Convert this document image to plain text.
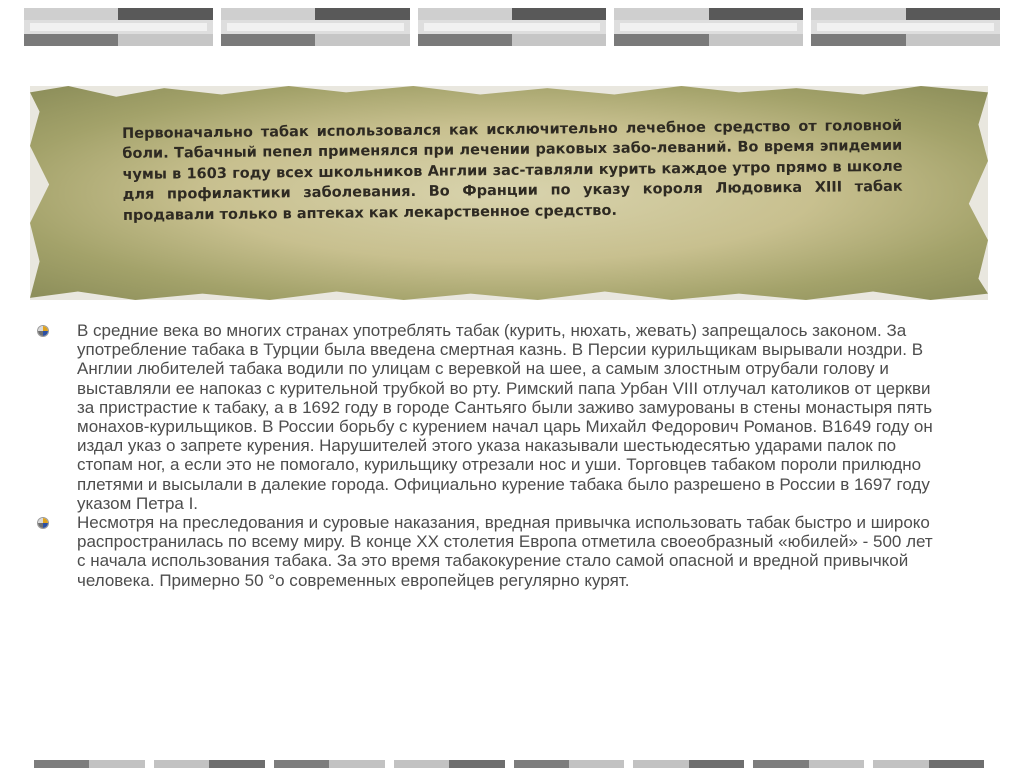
Первоначально табак использовался как исключительно лечебное средство от головной боли. Табачный пепел применялся при лечении раковых забо-леваний. Во время эпидемии чумы в 1603 году всех школьников Англии зас-тавляли курить каждое утро прямо в школе для профилактики заболевания. Во Франции по указу короля Людовика XIII табак продавали только в аптеках как лекарственное средство.

В средние века во многих странах употреблять табак (курить, нюхать, жевать) запрещалось законом. За употребление табака в Турции была введена смертная казнь. В Персии курильщикам вырывали ноздри. В Англии любителей табака водили по улицам с веревкой на шее, а самым злостным отрубали голову и выставляли ее напоказ с курительной трубкой во рту. Римский папа Урбан VIII отлучал католиков от церкви за пристрастие к табаку, а в 1692 году в городе Сантьяго были заживо замурованы в стены монастыря пять монахов-курильщиков. В России борьбу с курением начал царь Михайл Федорович Романов. В1649 году он издал указ о запрете курения. Нарушителей этого указа наказывали шестьюдесятью ударами палок по стопам ног, а если это не помогало, курильщику отрезали нос и уши. Торговцев табаком пороли прилюдно плетями и высылали в далекие города. Официально курение табака было разрешено в России в 1697 году указом Петра I.
Несмотря на преследования и суровые наказания, вредная привычка использовать табак быстро и широко распространилась по всему миру. В конце XX столетия Европа отметила своеобразный «юбилей» - 500 лет с начала использования табака. За это время табакокурение стало самой опасной и вредной привычкой человека. Примерно 50 °о современных европейцев регулярно курят.
